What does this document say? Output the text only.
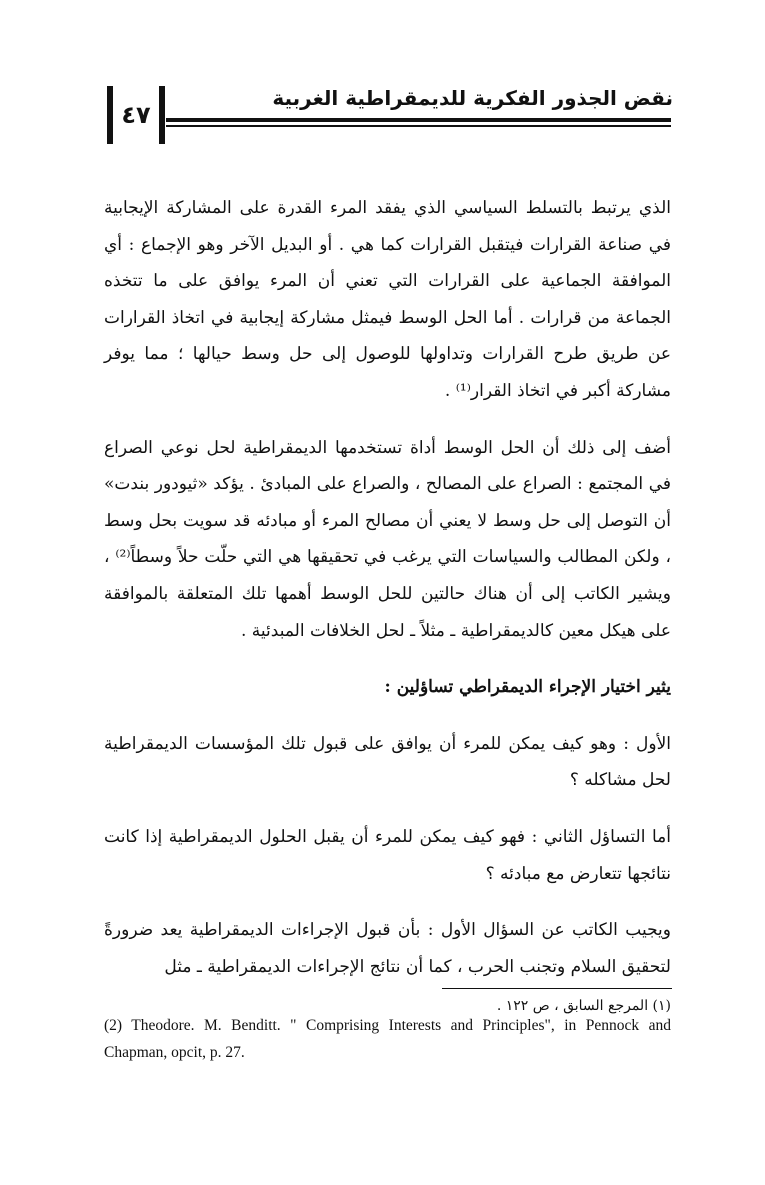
نقض الجذور الفكرية للديمقراطية الغربية
٤٧

الذي يرتبط بالتسلط السياسي الذي يفقد المرء القدرة على المشاركة الإيجابية في صناعة القرارات فيتقبل القرارات كما هي . أو البديل الآخر وهو الإجماع : أي الموافقة الجماعية على القرارات التي تعني أن المرء يوافق على ما تتخذه الجماعة من قرارات . أما الحل الوسط فيمثل مشاركة إيجابية في اتخاذ القرارات عن طريق طرح القرارات وتداولها للوصول إلى حل وسط حيالها ؛ مما يوفر مشاركة أكبر في اتخاذ القرار⁽¹⁾ .

أضف إلى ذلك أن الحل الوسط أداة تستخدمها الديمقراطية لحل نوعي الصراع في المجتمع : الصراع على المصالح ، والصراع على المبادئ . يؤكد «ثيودور بندت» أن التوصل إلى حل وسط لا يعني أن مصالح المرء أو مبادئه قد سويت بحل وسط ، ولكن المطالب والسياسات التي يرغب في تحقيقها هي التي حلّت حلاً وسطاً⁽²⁾ ، ويشير الكاتب إلى أن هناك حالتين للحل الوسط أهمها تلك المتعلقة بالموافقة على هيكل معين كالديمقراطية ـ مثلاً ـ لحل الخلافات المبدئية .

يثير اختيار الإجراء الديمقراطي تساؤلين :

الأول : وهو كيف يمكن للمرء أن يوافق على قبول تلك المؤسسات الديمقراطية لحل مشاكله ؟

أما التساؤل الثاني : فهو كيف يمكن للمرء أن يقبل الحلول الديمقراطية إذا كانت نتائجها تتعارض مع مبادئه ؟

ويجيب الكاتب عن السؤال الأول : بأن قبول الإجراءات الديمقراطية يعد ضرورةً لتحقيق السلام وتجنب الحرب ، كما أن نتائج الإجراءات الديمقراطية ـ مثل

(١) المرجع السابق ، ص ١٢٢ .
(2) Theodore. M. Benditt. " Comprising Interests and Principles", in Pennock and Chapman, opcit, p. 27.
